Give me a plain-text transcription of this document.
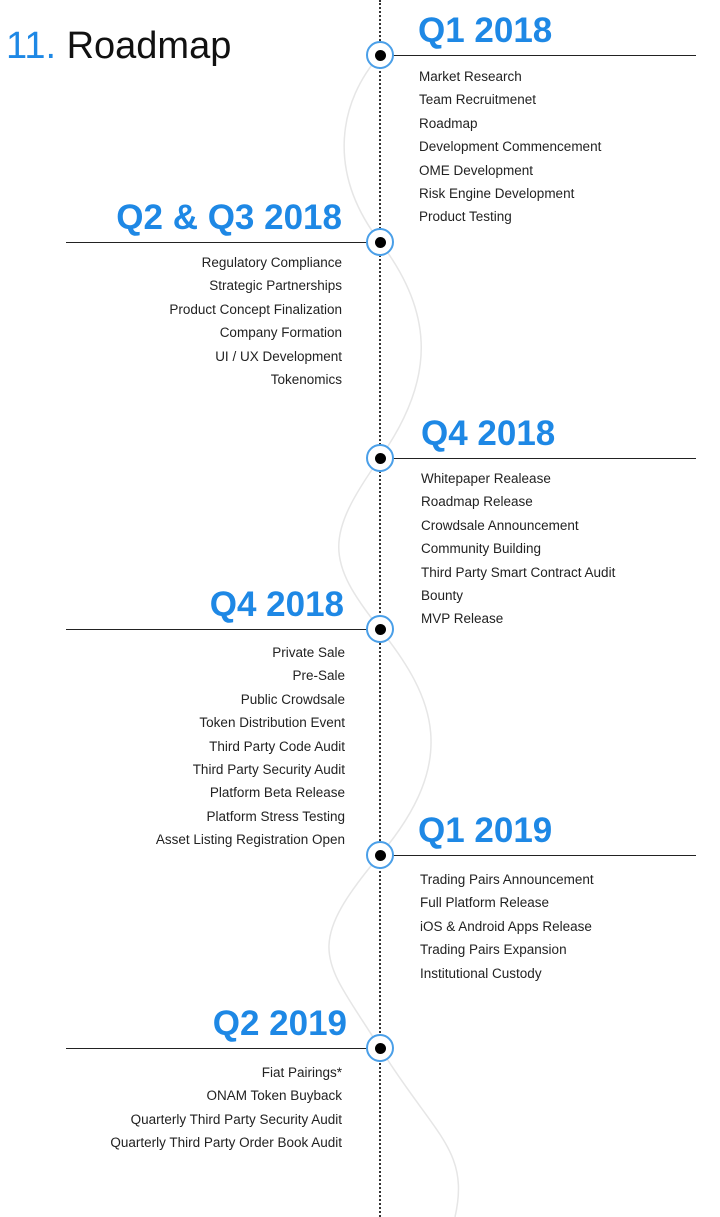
11. Roadmap	Q1 2018
Market Research
Team Recruitmenet
Roadmap
Development Commencement
OME Development
Risk Engine Development
Product Testing
Q2 & Q3 2018
Regulatory Compliance
Strategic Partnerships
Product Concept Finalization
Company Formation
UI / UX Development
Tokenomics
Q4 2018
Whitepaper Realease
Roadmap Release
Crowdsale Announcement
Community Building
Third Party Smart Contract Audit
Bounty
MVP Release
Q4 2018
Private Sale
Pre-Sale
Public Crowdsale
Token Distribution Event
Third Party Code Audit
Third Party Security Audit
Platform Beta Release
Platform Stress Testing
Asset Listing Registration Open Q1 2019
Trading Pairs Announcement
Full Platform Release
iOS & Android Apps Release
Trading Pairs Expansion
Institutional Custody
Q2 2019
Fiat Pairings*
ONAM Token Buyback
Quarterly Third Party Security Audit
Quarterly Third Party Order Book Audit
